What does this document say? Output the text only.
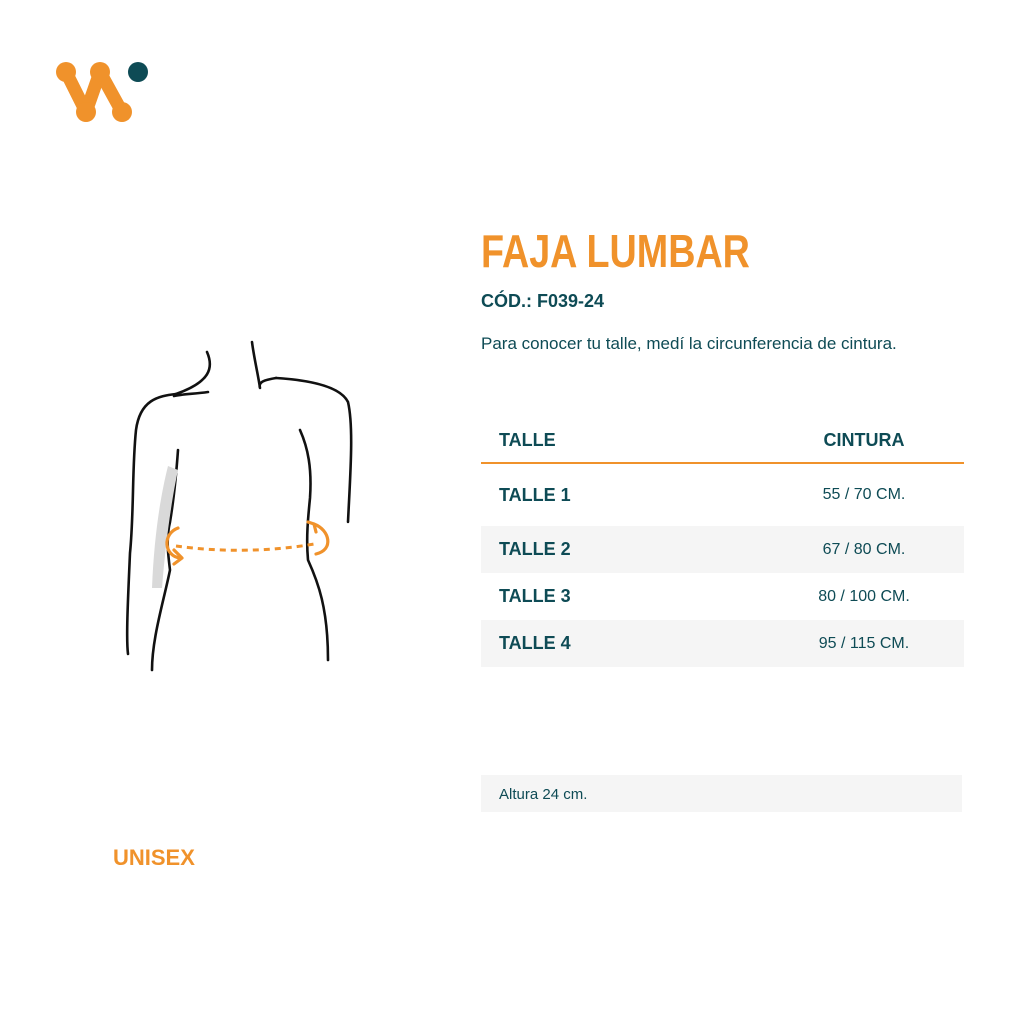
UNISEX
FAJA LUMBAR
CÓD.: F039-24
Para conocer tu talle, medí la circunferencia de cintura.
TALLE	CINTURA
TALLE 1	55 / 70 CM.
TALLE 2	67 / 80 CM.
TALLE 3	80 / 100 CM.
TALLE 4	95 / 115 CM.
Altura 24 cm.
